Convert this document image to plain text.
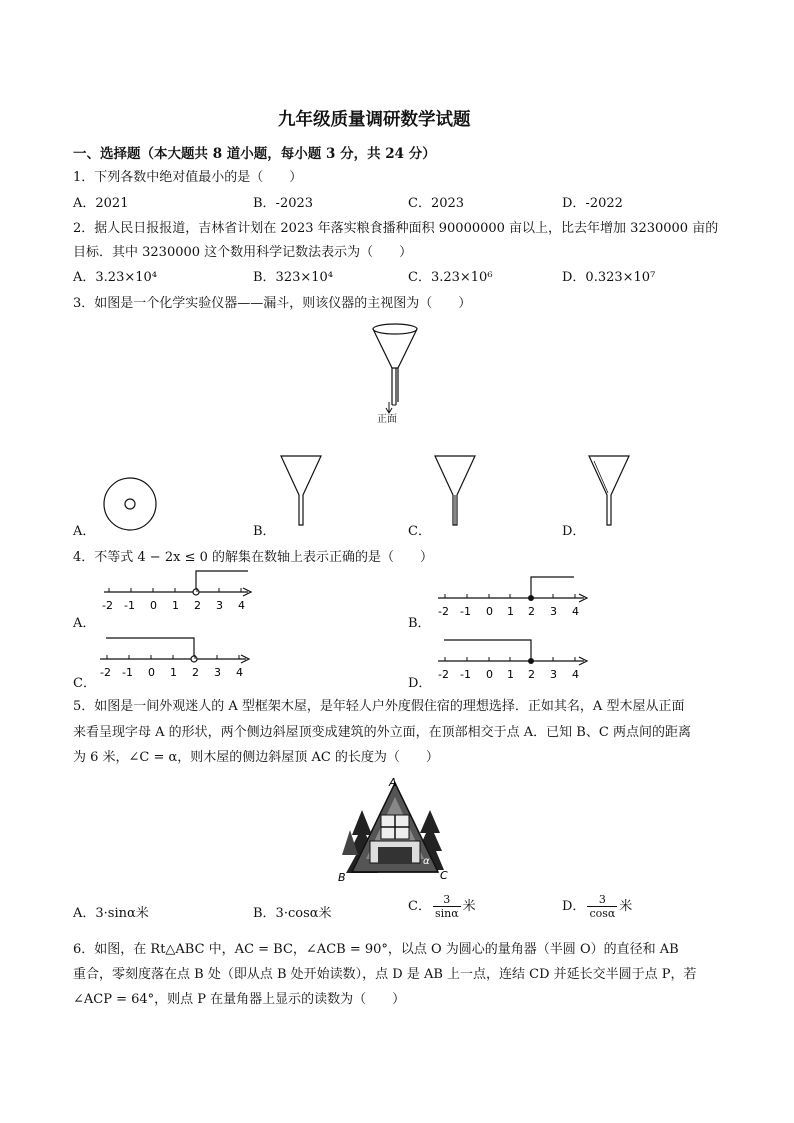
九年级质量调研数学试题
一、选择题（本大题共 8 道小题，每小题 3 分，共 24 分）
1．下列各数中绝对值最小的是（　　）
A．2021	B．-2023	C．2023	D．-2022
2．据人民日报报道，吉林省计划在 2023 年落实粮食播种面积 90000000 亩以上，比去年增加 3230000 亩的
目标．其中 3230000 这个数用科学记数法表示为（　　）
A．3.23×10⁴	B．323×10⁴	C．3.23×10⁶	D．0.323×10⁷
3．如图是一个化学实验仪器——漏斗，则该仪器的主视图为（　　）
正面
A．	B．	C．	D．
4．不等式 4 − 2x ≤ 0 的解集在数轴上表示正确的是（　　）
A．
-2 -1 0 1 2 3 4
B．
-2 -1 0 1 2 3 4
C．
-2 -1 0 1 2 3 4
D．
-2 -1 0 1 2 3 4
5．如图是一间外观迷人的 A 型框架木屋，是年轻人户外度假住宿的理想选择．正如其名，A 型木屋从正面
来看呈现字母 A 的形状，两个侧边斜屋顶变成建筑的外立面，在顶部相交于点 A．已知 B、C 两点间的距离
为 6 米，∠C = α，则木屋的侧边斜屋顶 AC 的长度为（　　）
A
B	C
α
A．3·sinα米	B．3·cosα米	C． $\frac{3}{\sin\alpha}$ 米	D． $\frac{3}{\cos\alpha}$ 米
6．如图，在 Rt△ABC 中，AC = BC，∠ACB = 90°，以点 O 为圆心的量角器（半圆 O）的直径和 AB
重合，零刻度落在点 B 处（即从点 B 处开始读数），点 D 是 AB 上一点，连结 CD 并延长交半圆于点 P，若
∠ACP = 64°，则点 P 在量角器上显示的读数为（　　）
